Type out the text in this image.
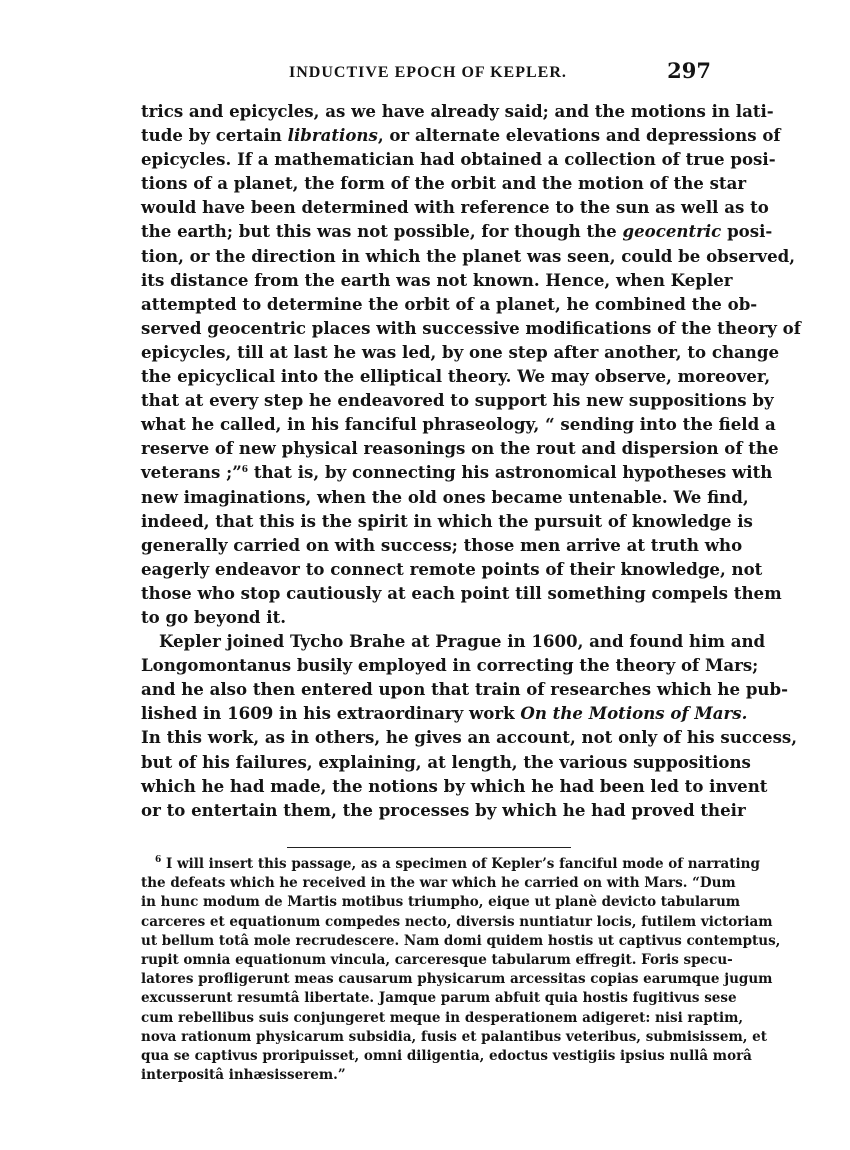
INDUCTIVE EPOCH OF KEPLER.	297

trics and epicycles, as we have already said; and the motions in lati-
tude by certain librations, or alternate elevations and depressions of
epicycles. If a mathematician had obtained a collection of true posi-
tions of a planet, the form of the orbit and the motion of the star
would have been determined with reference to the sun as well as to
the earth; but this was not possible, for though the geocentric posi-
tion, or the direction in which the planet was seen, could be observed,
its distance from the earth was not known. Hence, when Kepler
attempted to determine the orbit of a planet, he combined the ob-
served geocentric places with successive modifications of the theory of
epicycles, till at last he was led, by one step after another, to change
the epicyclical into the elliptical theory. We may observe, moreover,
that at every step he endeavored to support his new suppositions by
what he called, in his fanciful phraseology, “ sending into the field a
reserve of new physical reasonings on the rout and dispersion of the
veterans ;”$^6$ that is, by connecting his astronomical hypotheses with
new imaginations, when the old ones became untenable. We find,
indeed, that this is the spirit in which the pursuit of knowledge is
generally carried on with success; those men arrive at truth who
eagerly endeavor to connect remote points of their knowledge, not
those who stop cautiously at each point till something compels them
to go beyond it.

Kepler joined Tycho Brahe at Prague in 1600, and found him and
Longomontanus busily employed in correcting the theory of Mars;
and he also then entered upon that train of researches which he pub-
lished in 1609 in his extraordinary work On the Motions of Mars.
In this work, as in others, he gives an account, not only of his success,
but of his failures, explaining, at length, the various suppositions
which he had made, the notions by which he had been led to invent
or to entertain them, the processes by which he had proved their

$^6$ I will insert this passage, as a specimen of Kepler’s fanciful mode of narrating
the defeats which he received in the war which he carried on with Mars. “Dum
in hunc modum de Martis motibus triumpho, eique ut planè devicto tabularum
carceres et equationum compedes necto, diversis nuntiatur locis, futilem victoriam
ut bellum totâ mole recrudescere. Nam domi quidem hostis ut captivus contemptus,
rupit omnia equationum vincula, carceresque tabularum effregit. Foris specu-
latores profligerunt meas causarum physicarum arcessitas copias earumque jugum
excusserunt resumtâ libertate. Jamque parum abfuit quia hostis fugitivus sese
cum rebellibus suis conjungeret meque in desperationem adigeret: nisi raptim,
nova rationum physicarum subsidia, fusis et palantibus veteribus, submisissem, et
qua se captivus proripuisset, omni diligentia, edoctus vestigiis ipsius nullâ morâ
interpositâ inhæsisserem.”
